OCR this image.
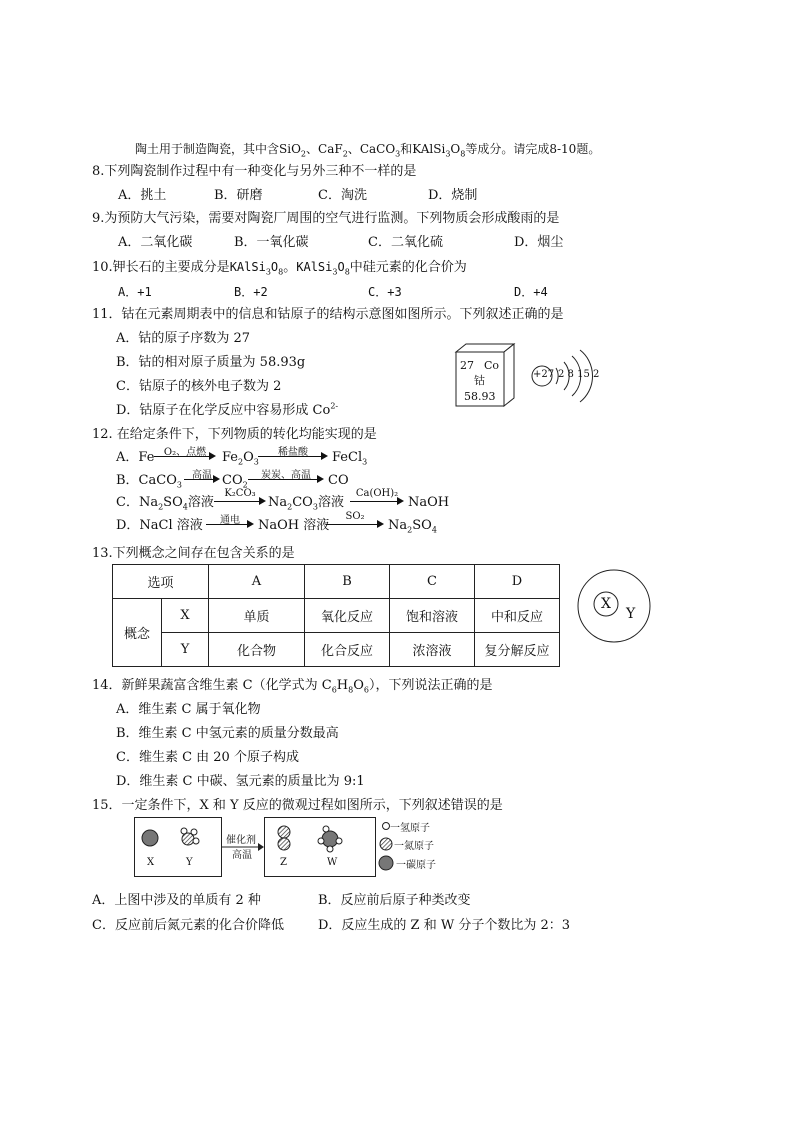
陶土用于制造陶瓷，其中含SiO$_2$、CaF$_2$、CaCO$_3$和$KAlSi_3O_8$等成分。请完成8-10题。
8.下列陶瓷制作过程中有一种变化与另外三种不一样的是
A．挑土	B．研磨	C．淘洗	D．烧制
9.为预防大气污染，需要对陶瓷厂周围的空气进行监测。下列物质会形成酸雨的是
A．二氧化碳	B．一氧化碳	C．二氧化硫	D．烟尘
10.钾长石的主要成分是$KAlSi_3O_8$。$KAlSi_3O_8$中硅元素的化合价为
A．+1	B．+2	C．+3	D．+4
11．钴在元素周期表中的信息和钴原子的结构示意图如图所示。下列叙述正确的是
A．钴的原子序数为 27
B．钴的相对原子质量为 58.93g
C．钴原子的核外电子数为 2
D．钴原子在化学反应中容易形成 $Co^{2-}$
27 Co
钴
58.93
+27 2 8 15 2
12. 在给定条件下，下列物质的转化均能实现的是
A．Fe O₂、点燃	$Fe_2O_3$
稀盐酸	FeCl$_3$
B．CaCO$_3$
高温 $CO_2$
炭炭、高温	CO
C．$Na_2SO_4$溶液
K₂CO₃
$Na_2CO_3$溶液
Ca(OH)₂
NaOH
D．NaCl 溶液	通电	NaOH 溶液
SO₂
$Na_2SO_4$
13.下列概念之间存在包含关系的是
选项		A	B	C	D
概念	X	单质	氧化反应	饱和溶液	中和反应
	Y	化合物	化合反应	浓溶液	复分解反应
X
Y
14．新鲜果蔬富含维生素 C（化学式为 $C_6H_8O_6$），下列说法正确的是
A．维生素 C 属于氧化物
B．维生素 C 中氢元素的质量分数最高
C．维生素 C 由 20 个原子构成
D．维生素 C 中碳、氢元素的质量比为 9:1
15．一定条件下，X 和 Y 反应的微观过程如图所示，下列叙述错误的是
X	Y	Z	W
催化剂
高温
一氢原子
一氮原子
一碳原子
A．上图中涉及的单质有 2 种	B．反应前后原子种类改变
C．反应前后氮元素的化合价降低	D．反应生成的 Z 和 W 分子个数比为 2：3
